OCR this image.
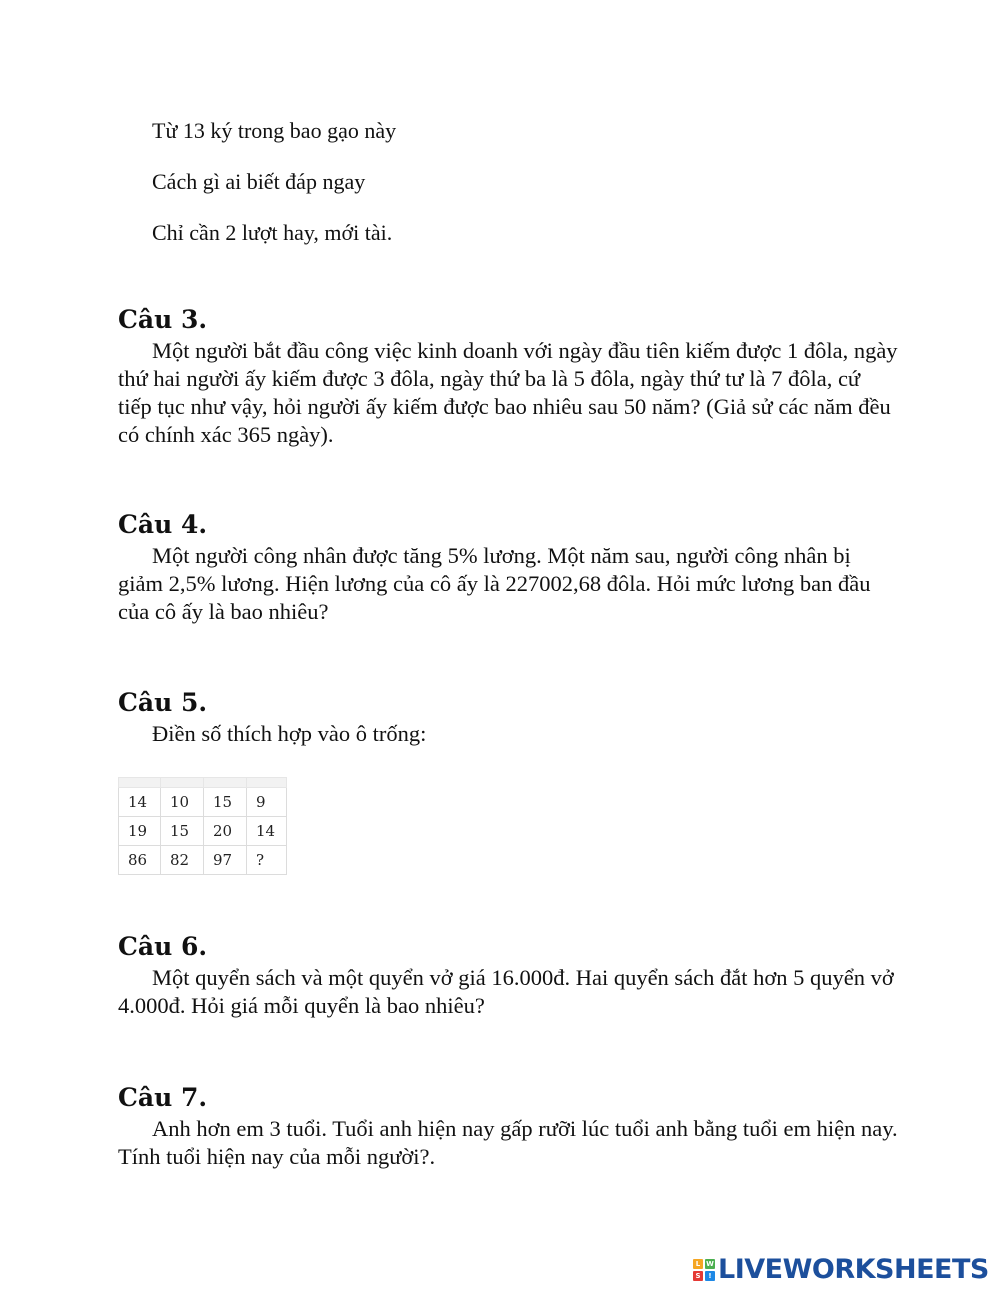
Từ 13 ký trong bao gạo này
Cách gì ai biết đáp ngay
Chỉ cần 2 lượt hay, mới tài.
Câu 3.

Một người bắt đầu công việc kinh doanh với ngày đầu tiên kiếm được 1 đôla, ngày thứ hai người ấy kiếm được 3 đôla, ngày thứ ba là 5 đôla, ngày thứ tư là 7 đôla, cứ tiếp tục như vậy, hỏi người ấy kiếm được bao nhiêu sau 50 năm? (Giả sử các năm đều có chính xác 365 ngày).

Câu 4.

Một người công nhân được tăng 5% lương. Một năm sau, người công nhân bị giảm 2,5% lương. Hiện lương của cô ấy là 227002,68 đôla. Hỏi mức lương ban đầu của cô ấy là bao nhiêu?

Câu 5.

Điền số thích hợp vào ô trống:

14	10	15	9
19	15	20	14
86	82	97	?
Câu 6.

Một quyển sách và một quyển vở giá 16.000đ. Hai quyển sách đắt hơn 5 quyển vở 4.000đ. Hỏi giá mỗi quyển là bao nhiêu?

Câu 7.

Anh hơn em 3 tuổi. Tuổi anh hiện nay gấp rưỡi lúc tuổi anh bằng tuổi em hiện nay. Tính tuổi hiện nay của mỗi người?.

L W
S	! LIVEWORKSHEETS
